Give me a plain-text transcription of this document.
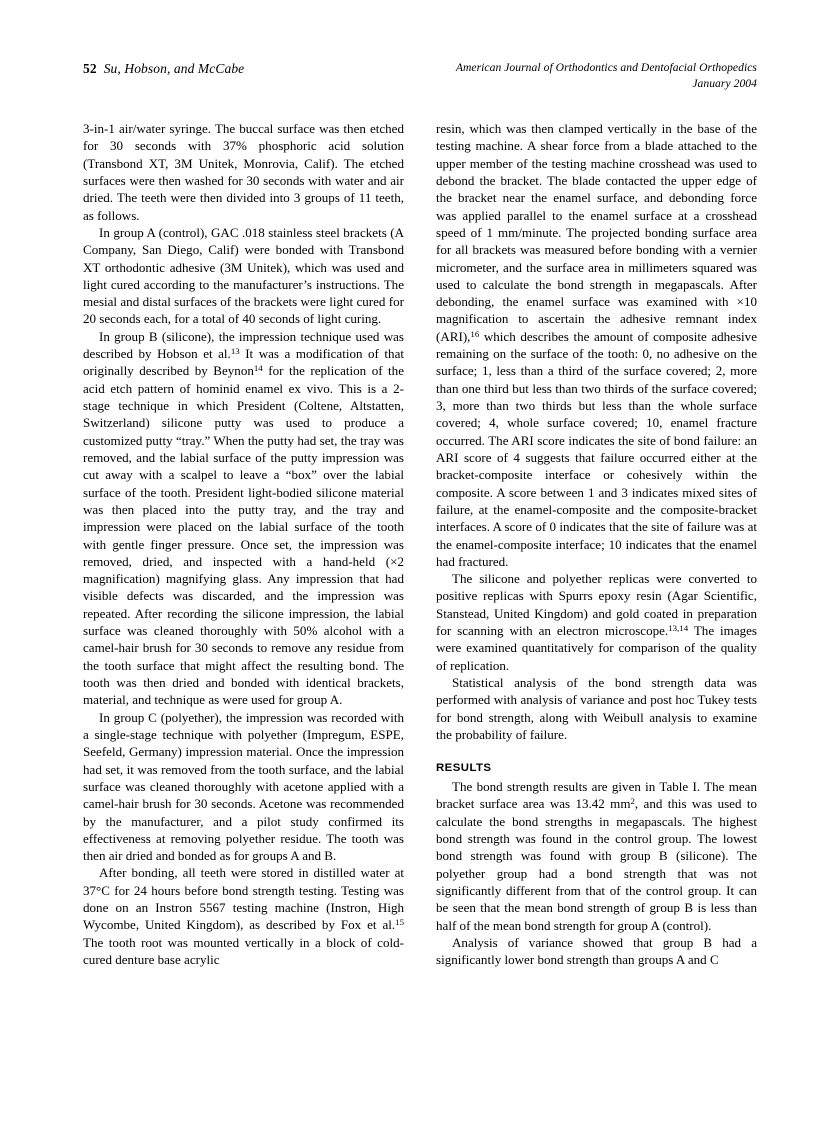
52 Su, Hobson, and McCabe	American Journal of Orthodontics and Dentofacial Orthopedics
January 2004

3-in-1 air/water syringe. The buccal surface was then etched for 30 seconds with 37% phosphoric acid solution (Transbond XT, 3M Unitek, Monrovia, Calif). The etched surfaces were then washed for 30 seconds with water and air dried. The teeth were then divided into 3 groups of 11 teeth, as follows.

In group A (control), GAC .018 stainless steel brackets (A Company, San Diego, Calif) were bonded with Transbond XT orthodontic adhesive (3M Unitek), which was used and light cured according to the manufacturer’s instructions. The mesial and distal surfaces of the brackets were light cured for 20 seconds each, for a total of 40 seconds of light curing.

In group B (silicone), the impression technique used was described by Hobson et al.$^{13}$ It was a modification of that originally described by Beynon$^{14}$ for the replication of the acid etch pattern of hominid enamel ex vivo. This is a 2-stage technique in which President (Coltene, Altstatten, Switzerland) silicone putty was used to produce a customized putty “tray.” When the putty had set, the tray was removed, and the labial surface of the putty impression was cut away with a scalpel to leave a “box” over the labial surface of the tooth. President light-bodied silicone material was then placed into the putty tray, and the tray and impression were placed on the labial surface of the tooth with gentle finger pressure. Once set, the impression was removed, dried, and inspected with a hand-held (×2 magnification) magnifying glass. Any impression that had visible defects was discarded, and the impression was repeated. After recording the silicone impression, the labial surface was cleaned thoroughly with 50% alcohol with a camel-hair brush for 30 seconds to remove any residue from the tooth surface that might affect the resulting bond. The tooth was then dried and bonded with identical brackets, material, and technique as were used for group A.

In group C (polyether), the impression was recorded with a single-stage technique with polyether (Impregum, ESPE, Seefeld, Germany) impression material. Once the impression had set, it was removed from the tooth surface, and the labial surface was cleaned thoroughly with acetone applied with a camel-hair brush for 30 seconds. Acetone was recommended by the manufacturer, and a pilot study confirmed its effectiveness at removing polyether residue. The tooth was then air dried and bonded as for groups A and B.

After bonding, all teeth were stored in distilled water at 37°C for 24 hours before bond strength testing. Testing was done on an Instron 5567 testing machine (Instron, High Wycombe, United Kingdom), as described by Fox et al.$^{15}$ The tooth root was mounted vertically in a block of cold-cured denture base acrylic

resin, which was then clamped vertically in the base of the testing machine. A shear force from a blade attached to the upper member of the testing machine crosshead was used to debond the bracket. The blade contacted the upper edge of the bracket near the enamel surface, and debonding force was applied parallel to the enamel surface at a crosshead speed of 1 mm/minute. The projected bonding surface area for all brackets was measured before bonding with a vernier micrometer, and the surface area in millimeters squared was used to calculate the bond strength in megapascals. After debonding, the enamel surface was examined with ×10 magnification to ascertain the adhesive remnant index (ARI),$^{16}$ which describes the amount of composite adhesive remaining on the surface of the tooth: 0, no adhesive on the surface; 1, less than a third of the surface covered; 2, more than one third but less than two thirds of the surface covered; 3, more than two thirds but less than the whole surface covered; 4, whole surface covered; 10, enamel fracture occurred. The ARI score indicates the site of bond failure: an ARI score of 4 suggests that failure occurred either at the bracket-composite interface or cohesively within the composite. A score between 1 and 3 indicates mixed sites of failure, at the enamel-composite and the composite-bracket interfaces. A score of 0 indicates that the site of failure was at the enamel-composite interface; 10 indicates that the enamel had fractured.

The silicone and polyether replicas were converted to positive replicas with Spurrs epoxy resin (Agar Scientific, Stanstead, United Kingdom) and gold coated in preparation for scanning with an electron microscope.$^{13,14}$ The images were examined quantitatively for comparison of the quality of replication.

Statistical analysis of the bond strength data was performed with analysis of variance and post hoc Tukey tests for bond strength, along with Weibull analysis to examine the probability of failure.

RESULTS

The bond strength results are given in Table I. The mean bracket surface area was 13.42 $mm^2$, and this was used to calculate the bond strengths in megapascals. The highest bond strength was found in the control group. The lowest bond strength was found with group B (silicone). The polyether group had a bond strength that was not significantly different from that of the control group. It can be seen that the mean bond strength of group B is less than half of the mean bond strength for group A (control).

Analysis of variance showed that group B had a significantly lower bond strength than groups A and C
